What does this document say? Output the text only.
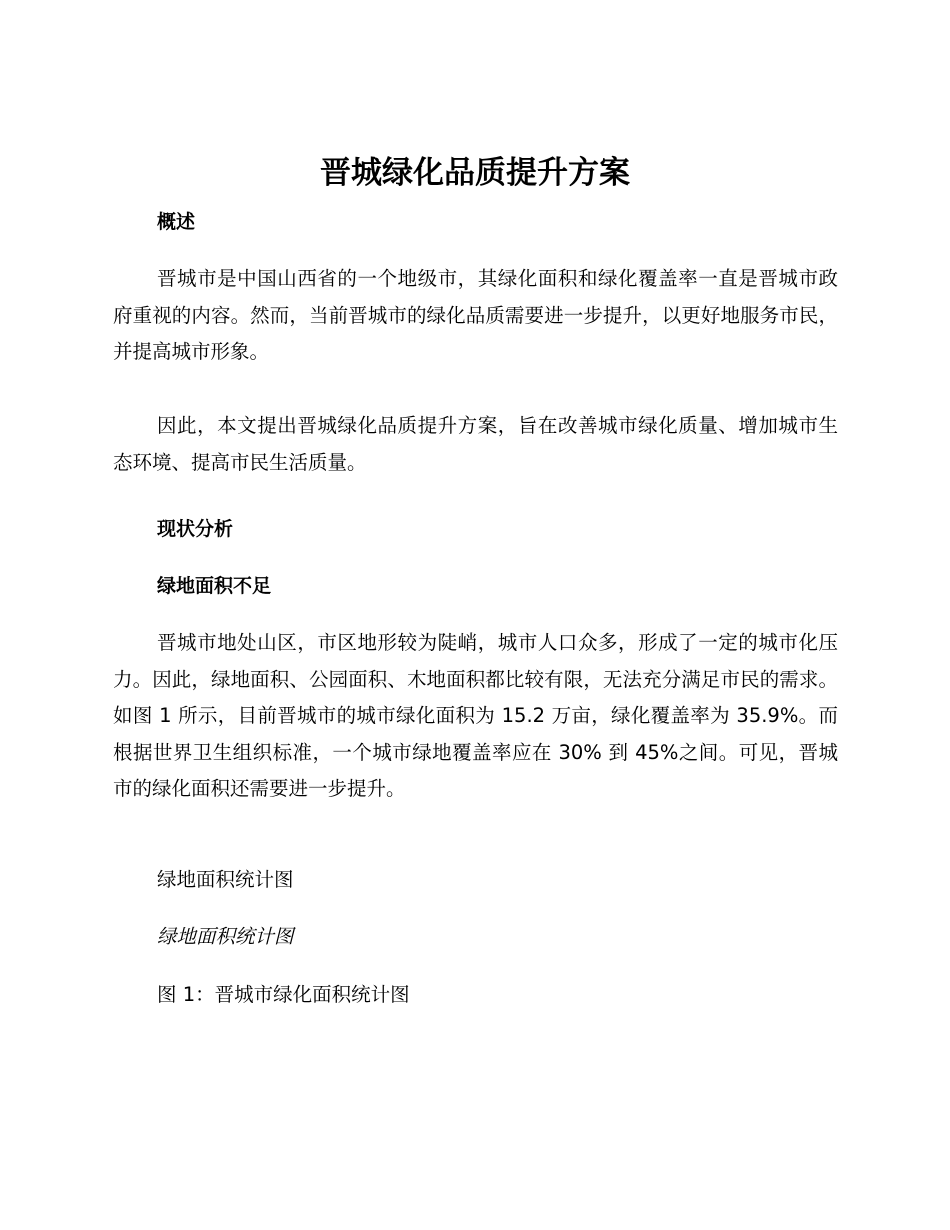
晋城绿化品质提升方案
概述

晋城市是中国山西省的一个地级市，其绿化面积和绿化覆盖率一直是晋城市政府重视的内容。然而，当前晋城市的绿化品质需要进一步提升，以更好地服务市民，并提高城市形象。

因此，本文提出晋城绿化品质提升方案，旨在改善城市绿化质量、增加城市生态环境、提高市民生活质量。

现状分析
绿地面积不足

晋城市地处山区，市区地形较为陡峭，城市人口众多，形成了一定的城市化压力。因此，绿地面积、公园面积、木地面积都比较有限，无法充分满足市民的需求。如图 1 所示，目前晋城市的城市绿化面积为 15.2 万亩，绿化覆盖率为 35.9%。而根据世界卫生组织标准，一个城市绿地覆盖率应在 30% 到 45%之间。可见，晋城市的绿化面积还需要进一步提升。

绿地面积统计图

绿地面积统计图

图 1：晋城市绿化面积统计图
